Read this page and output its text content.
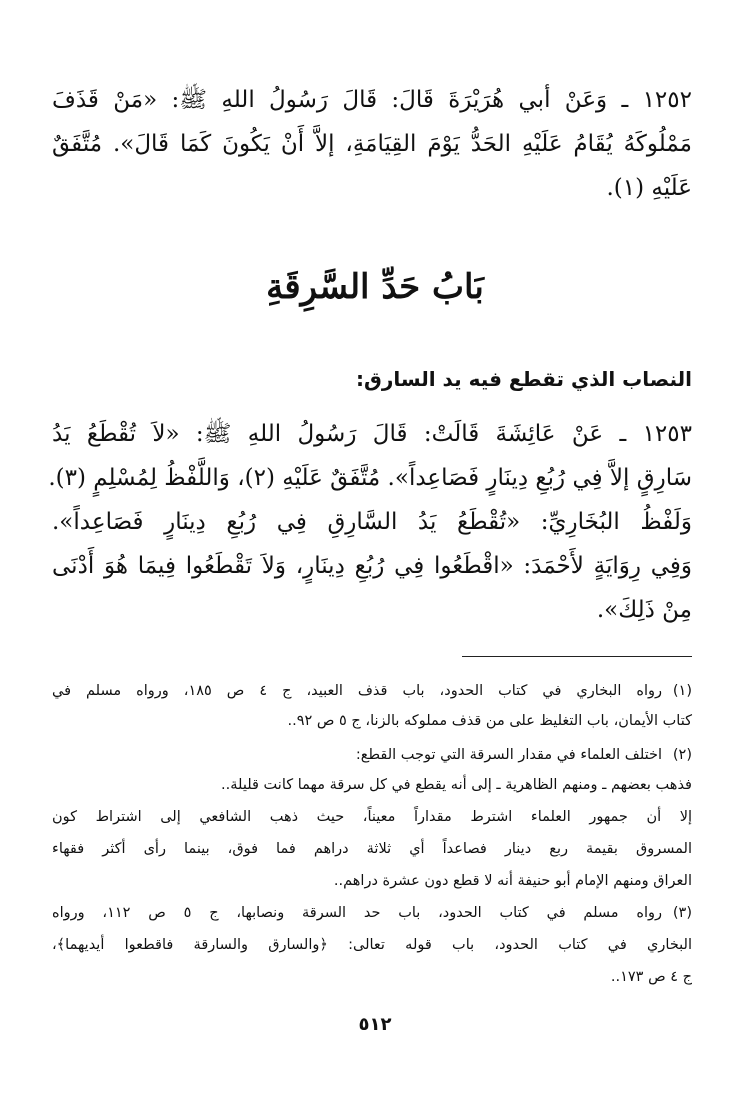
١٢٥٢ ـ وَعَنْ أبي هُرَيْرَةَ قَالَ: قَالَ رَسُولُ اللهِ ﷺ: «مَنْ قَذَفَ
مَمْلُوكَهُ يُقَامُ عَلَيْهِ الحَدُّ يَوْمَ القِيَامَةِ، إلاَّ أَنْ يَكُونَ كَمَا قَالَ». مُتَّفَقٌ
عَلَيْهِ (١).
بَابُ حَدِّ السَّرِقَةِ
النصاب الذي تقطع فيه يد السارق:
١٢٥٣ ـ عَنْ عَائِشَةَ قَالَتْ: قَالَ رَسُولُ اللهِ ﷺ: «لاَ تُقْطَعُ يَدُ
سَارِقٍ إلاَّ فِي رُبُعِ دِينَارٍ فَصَاعِداً». مُتَّفَقٌ عَلَيْهِ (٢)، وَاللَّفْظُ لِمُسْلِمٍ (٣).
وَلَفْظُ البُخَارِيِّ: «تُقْطَعُ يَدُ السَّارِقِ فِي رُبُعِ دِينَارٍ فَصَاعِداً».
وَفِي رِوَايَةٍ لأَحْمَدَ: «اقْطَعُوا فِي رُبُعِ دِينَارٍ، وَلاَ تَقْطَعُوا فِيمَا هُوَ أَدْنَى
مِنْ ذَلِكَ».
(١)
رواه البخاري في كتاب الحدود، باب قذف العبيد، ج ٤ ص ١٨٥، ورواه مسلم في
كتاب الأيمان، باب التغليظ على من قذف مملوكه بالزنا، ج ٥ ص ٩٢..
(٢)
اختلف العلماء في مقدار السرقة التي توجب القطع:
فذهب بعضهم ـ ومنهم الظاهرية ـ إلى أنه يقطع في كل سرقة مهما كانت قليلة..
إلا أن جمهور العلماء اشترط مقداراً معيناً، حيث ذهب الشافعي إلى اشتراط كون
المسروق بقيمة ربع دينار فصاعداً أي ثلاثة دراهم فما فوق، بينما رأى أكثر فقهاء
العراق ومنهم الإمام أبو حنيفة أنه لا قطع دون عشرة دراهم..
(٣)
رواه مسلم في كتاب الحدود، باب حد السرقة ونصابها، ج ٥ ص ١١٢، ورواه
البخاري في كتاب الحدود، باب قوله تعالى: ﴿والسارق والسارقة فاقطعوا أيديهما﴾،
ج ٤ ص ١٧٣..
٥١٢
